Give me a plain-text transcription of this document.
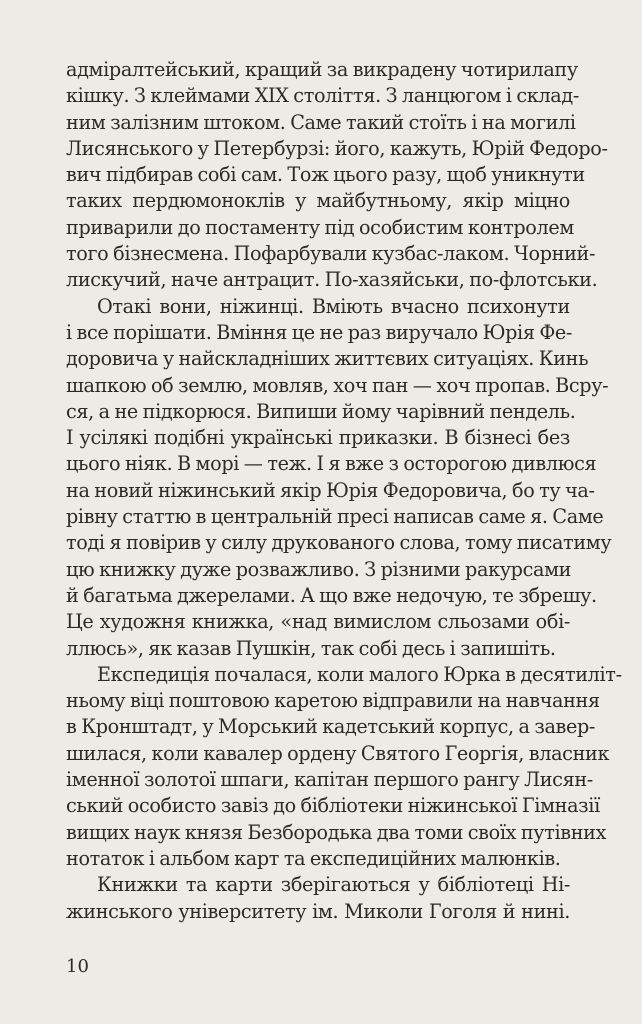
адміралтейський, кращий за викрадену чотирилапу
кішку. З клеймами XIX століття. З ланцюгом і склад-
ним залізним штоком. Саме такий стоїть і на могилі
Лисянського у Петербурзі: його, кажуть, Юрій Федоро-
вич підбирав собі сам. Тож цього разу, щоб уникнути
таких пердюмоноклів у майбутньому, якір міцно
приварили до постаменту під особистим контролем
того бізнесмена. Пофарбували кузбас-лаком. Чорний-
лискучий, наче антрацит. По-хазяйськи, по-флотськи.
Отакі вони, ніжинці. Вміють вчасно психонути
і все порішати. Вміння це не раз виручало Юрія Фе-
доровича у найскладніших життєвих ситуаціях. Кинь
шапкою об землю, мовляв, хоч пан — хоч пропав. Всру-
ся, а не підкорюся. Випиши йому чарівний пендель.
І усілякі подібні українські приказки. В бізнесі без
цього ніяк. В морі — теж. І я вже з осторогою дивлюся
на новий ніжинський якір Юрія Федоровича, бо ту ча-
рівну статтю в центральній пресі написав саме я. Саме
тоді я повірив у силу друкованого слова, тому писатиму
цю книжку дуже розважливо. З різними ракурсами
й багатьма джерелами. А що вже недочую, те збрешу.
Це художня книжка, «над вимислом сльозами обі-
ллюсь», як казав Пушкін, так собі десь і запишіть.
Експедиція почалася, коли малого Юрка в десятиліт-
ньому віці поштовою каретою відправили на навчання
в Кронштадт, у Морський кадетський корпус, а завер-
шилася, коли кавалер ордену Святого Георгія, власник
іменної золотої шпаги, капітан першого рангу Лисян-
ський особисто завіз до бібліотеки ніжинської Гімназії
вищих наук князя Безбородька два томи своїх путівних
нотаток і альбом карт та експедиційних малюнків.
Книжки та карти зберігаються у бібліотеці Ні-
жинського університету ім. Миколи Гоголя й нині.
10
